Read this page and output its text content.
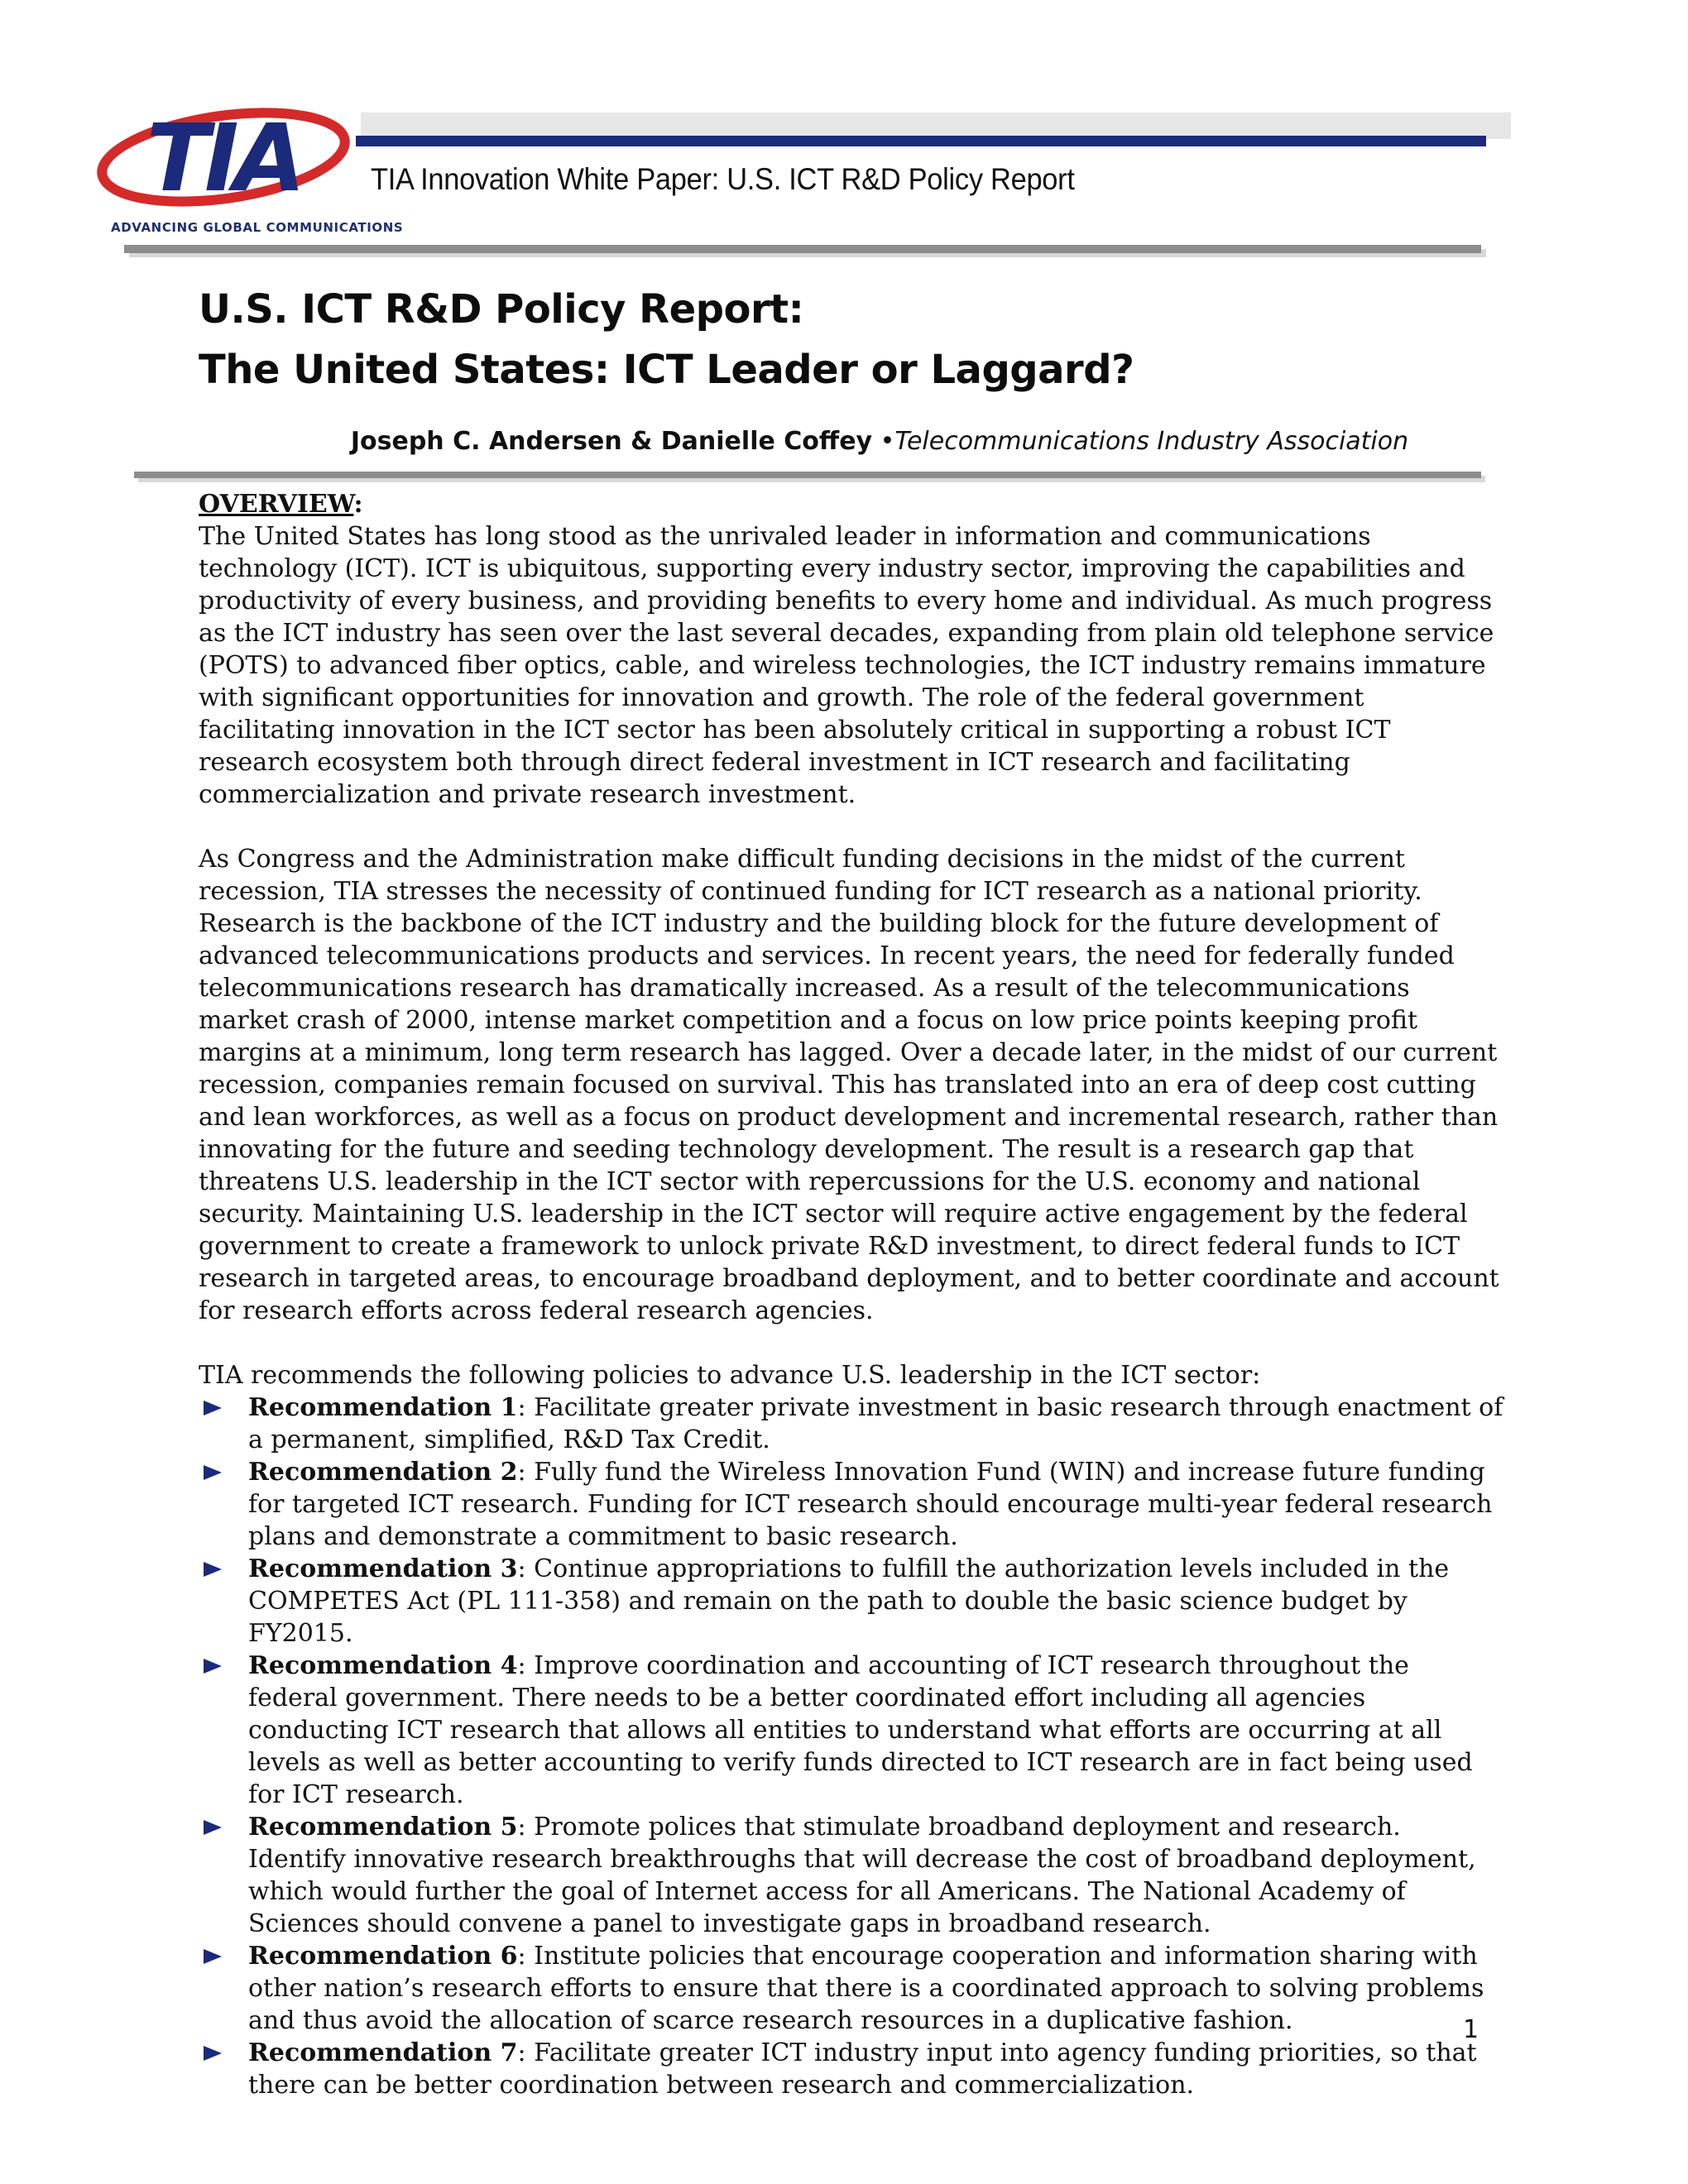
TIA
ADVANCING GLOBAL COMMUNICATIONS
TIA Innovation White Paper: U.S. ICT R&D Policy Report
U.S. ICT R&D Policy Report:
The United States: ICT Leader or Laggard?
Joseph C. Andersen & Danielle Coffey •Telecommunications Industry Association
OVERVIEW:

The United States has long stood as the unrivaled leader in information and communications technology (ICT). ICT is ubiquitous, supporting every industry sector, improving the capabilities and productivity of every business, and providing benefits to every home and individual. As much progress as the ICT industry has seen over the last several decades, expanding from plain old telephone service (POTS) to advanced fiber optics, cable, and wireless technologies, the ICT industry remains immature with significant opportunities for innovation and growth. The role of the federal government facilitating innovation in the ICT sector has been absolutely critical in supporting a robust ICT research ecosystem both through direct federal investment in ICT research and facilitating commercialization and private research investment.

As Congress and the Administration make difficult funding decisions in the midst of the current recession, TIA stresses the necessity of continued funding for ICT research as a national priority. Research is the backbone of the ICT industry and the building block for the future development of advanced telecommunications products and services. In recent years, the need for federally funded telecommunications research has dramatically increased. As a result of the telecommunications market crash of 2000, intense market competition and a focus on low price points keeping profit margins at a minimum, long term research has lagged. Over a decade later, in the midst of our current recession, companies remain focused on survival. This has translated into an era of deep cost cutting and lean workforces, as well as a focus on product development and incremental research, rather than innovating for the future and seeding technology development. The result is a research gap that threatens U.S. leadership in the ICT sector with repercussions for the U.S. economy and national security. Maintaining U.S. leadership in the ICT sector will require active engagement by the federal government to create a framework to unlock private R&D investment, to direct federal funds to ICT research in targeted areas, to encourage broadband deployment, and to better coordinate and account for research efforts across federal research agencies.

TIA recommends the following policies to advance U.S. leadership in the ICT sector:

Recommendation 1: Facilitate greater private investment in basic research through enactment of a permanent, simplified, R&D Tax Credit.
Recommendation 2: Fully fund the Wireless Innovation Fund (WIN) and increase future funding for targeted ICT research. Funding for ICT research should encourage multi-year federal research plans and demonstrate a commitment to basic research.
Recommendation 3: Continue appropriations to fulfill the authorization levels included in the COMPETES Act (PL 111-358) and remain on the path to double the basic science budget by FY2015.
Recommendation 4: Improve coordination and accounting of ICT research throughout the federal government. There needs to be a better coordinated effort including all agencies conducting ICT research that allows all entities to understand what efforts are occurring at all levels as well as better accounting to verify funds directed to ICT research are in fact being used for ICT research.
Recommendation 5: Promote polices that stimulate broadband deployment and research. Identify innovative research breakthroughs that will decrease the cost of broadband deployment, which would further the goal of Internet access for all Americans. The National Academy of Sciences should convene a panel to investigate gaps in broadband research.
Recommendation 6: Institute policies that encourage cooperation and information sharing with other nation’s research efforts to ensure that there is a coordinated approach to solving problems and thus avoid the allocation of scarce research resources in a duplicative fashion.
Recommendation 7: Facilitate greater ICT industry input into agency funding priorities, so that there can be better coordination between research and commercialization.
1
